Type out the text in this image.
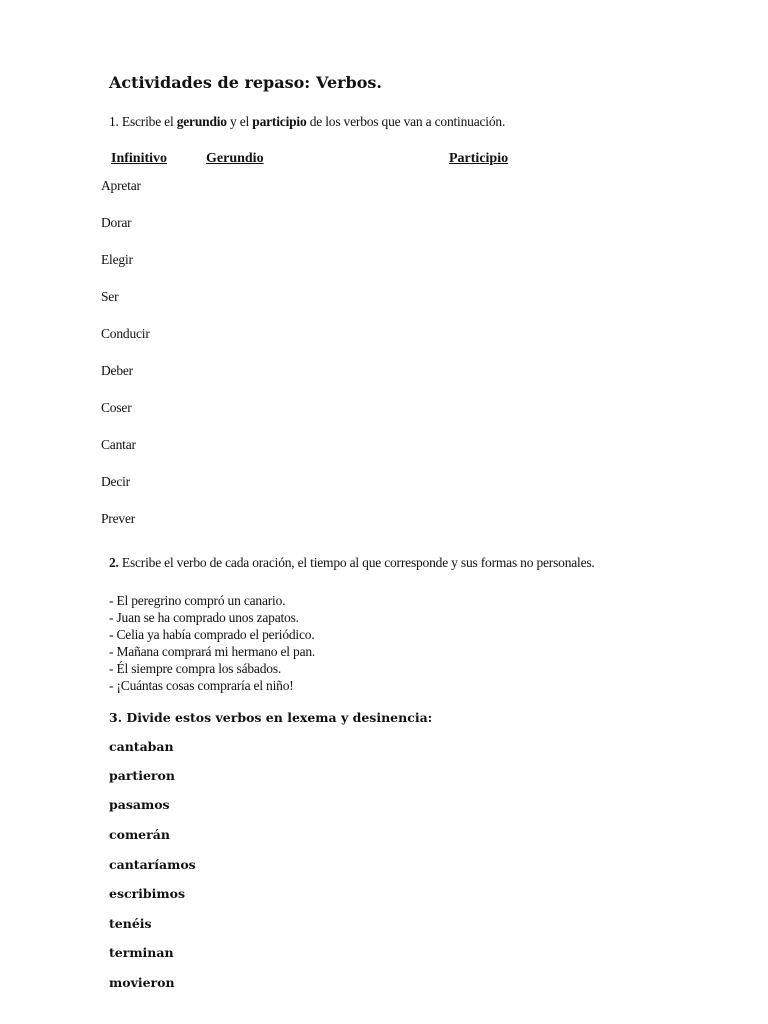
Actividades de repaso: Verbos.
1. Escribe el gerundio y el participio de los verbos que van a continuación.
Infinitivo	Gerundio	Participio
Apretar
Dorar
Elegir
Ser
Conducir
Deber
Coser
Cantar
Decir
Prever
2. Escribe el verbo de cada oración, el tiempo al que corresponde y sus formas no personales.
- El peregrino compró un canario.
- Juan se ha comprado unos zapatos.
- Celia ya había comprado el periódico.
- Mañana comprará mi hermano el pan.
- Él siempre compra los sábados.
- ¡Cuántas cosas compraría el niño!
3. Divide estos verbos en lexema y desinencia:
cantaban
partieron
pasamos
comerán
cantaríamos
escribimos
tenéis
terminan
movieron
